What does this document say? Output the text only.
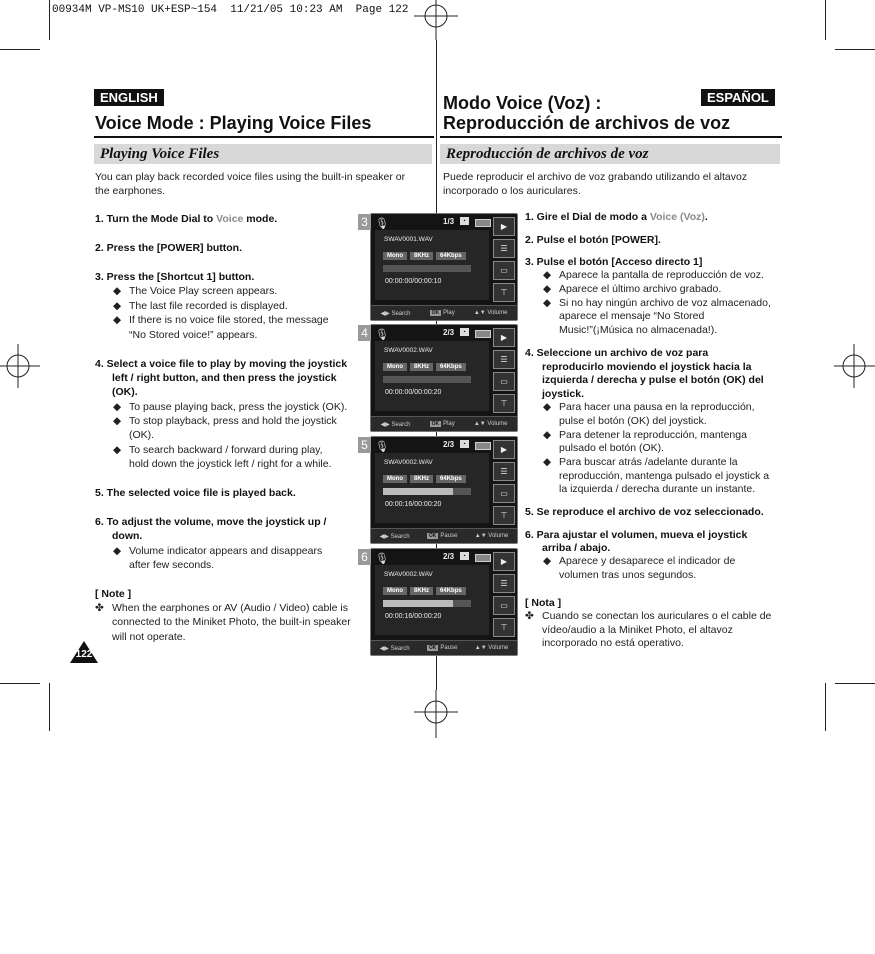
00934M VP-MS10 UK+ESP~154  11/21/05 10:23 AM  Page 122
ENGLISH
Voice Mode : Playing Voice Files
Playing Voice Files
ESPAÑOL
Modo Voice (Voz) :
Reproducción de archivos de voz
Reproducción de archivos de voz
You can play back recorded voice files using the built-in speaker or the earphones.
1. Turn the Mode Dial to Voice mode.
2. Press the [POWER] button.
3. Press the [Shortcut 1] button.
◆ The Voice Play screen appears.
◆ The last file recorded is displayed.
◆ If there is no voice file stored, the message
“No Stored voice!” appears.
4. Select a voice file to play by moving the joystick
left / right button, and then press the joystick
(OK).
◆ To pause playing back, press the joystick (OK).
◆ To stop playback, press and hold the joystick
(OK).
◆ To search backward / forward during play,
hold down the joystick left / right for a while.
5. The selected voice file is played back.
6. To adjust the volume, move the joystick up /
down.
◆ Volume indicator appears and disappears
after few seconds.
[ Note ]
✤ When the earphones or AV (Audio / Video) cable is
connected to the Miniket Photo, the built-in speaker
will not operate.
Puede reproducir el archivo de voz grabando utilizando el altavoz
incorporado o los auriculares.
1. Gire el Dial de modo a Voice (Voz).
2. Pulse el botón [POWER].
3. Pulse el botón [Acceso directo 1]
◆ Aparece la pantalla de reproducción de voz.
◆ Aparece el último archivo grabado.
◆ Si no hay ningún archivo de voz almacenado,
aparece el mensaje “No Stored
Music!”(¡Música no almacenada!).
4. Seleccione un archivo de voz para
reproducirlo moviendo el joystick hacia la
izquierda / derecha y pulse el botón (OK) del
joystick.
◆ Para hacer una pausa en la reproducción,
pulse el botón (OK) del joystick.
◆ Para detener la reproducción, mantenga
pulsado el botón (OK).
◆ Para buscar atrás /adelante durante la
reproducción, mantenga pulsado el joystick a
la izquierda / derecha durante un instante.
5. Se reproduce el archivo de voz seleccionado.
6. Para ajustar el volumen, mueva el joystick
arriba / abajo.
◆ Aparece y desaparece el indicador de
volumen tras unos segundos.
[ Nota ]
✤ Cuando se conectan los auriculares o el cable de
vídeo/audio a la Miniket Photo, el altavoz
incorporado no está operativo.
3 🎙	1/3	▪
▶
☰
▭
⊤
SWAV0001.WAV
Mono	8KHz	64Kbps
00:00:00/00:00:10
◀▶ Search	OK Play	▲▼ Volume
4 🎙	2/3	▪
▶
☰
▭
⊤
SWAV0002.WAV
Mono	8KHz	64Kbps
00:00:00/00:00:20
◀▶ Search	OK Play	▲▼ Volume
5 🎙	2/3	▪
▶
☰
▭
⊤
SWAV0002.WAV
Mono	8KHz	64Kbps
00:00:16/00:00:20
◀▶ Search	OK Pause	▲▼ Volume
6 🎙	2/3	▪
▶
☰
▭
⊤
SWAV0002.WAV
Mono	8KHz	64Kbps
00:00:16/00:00:20
◀▶ Search	OK Pause	▲▼ Volume
122
